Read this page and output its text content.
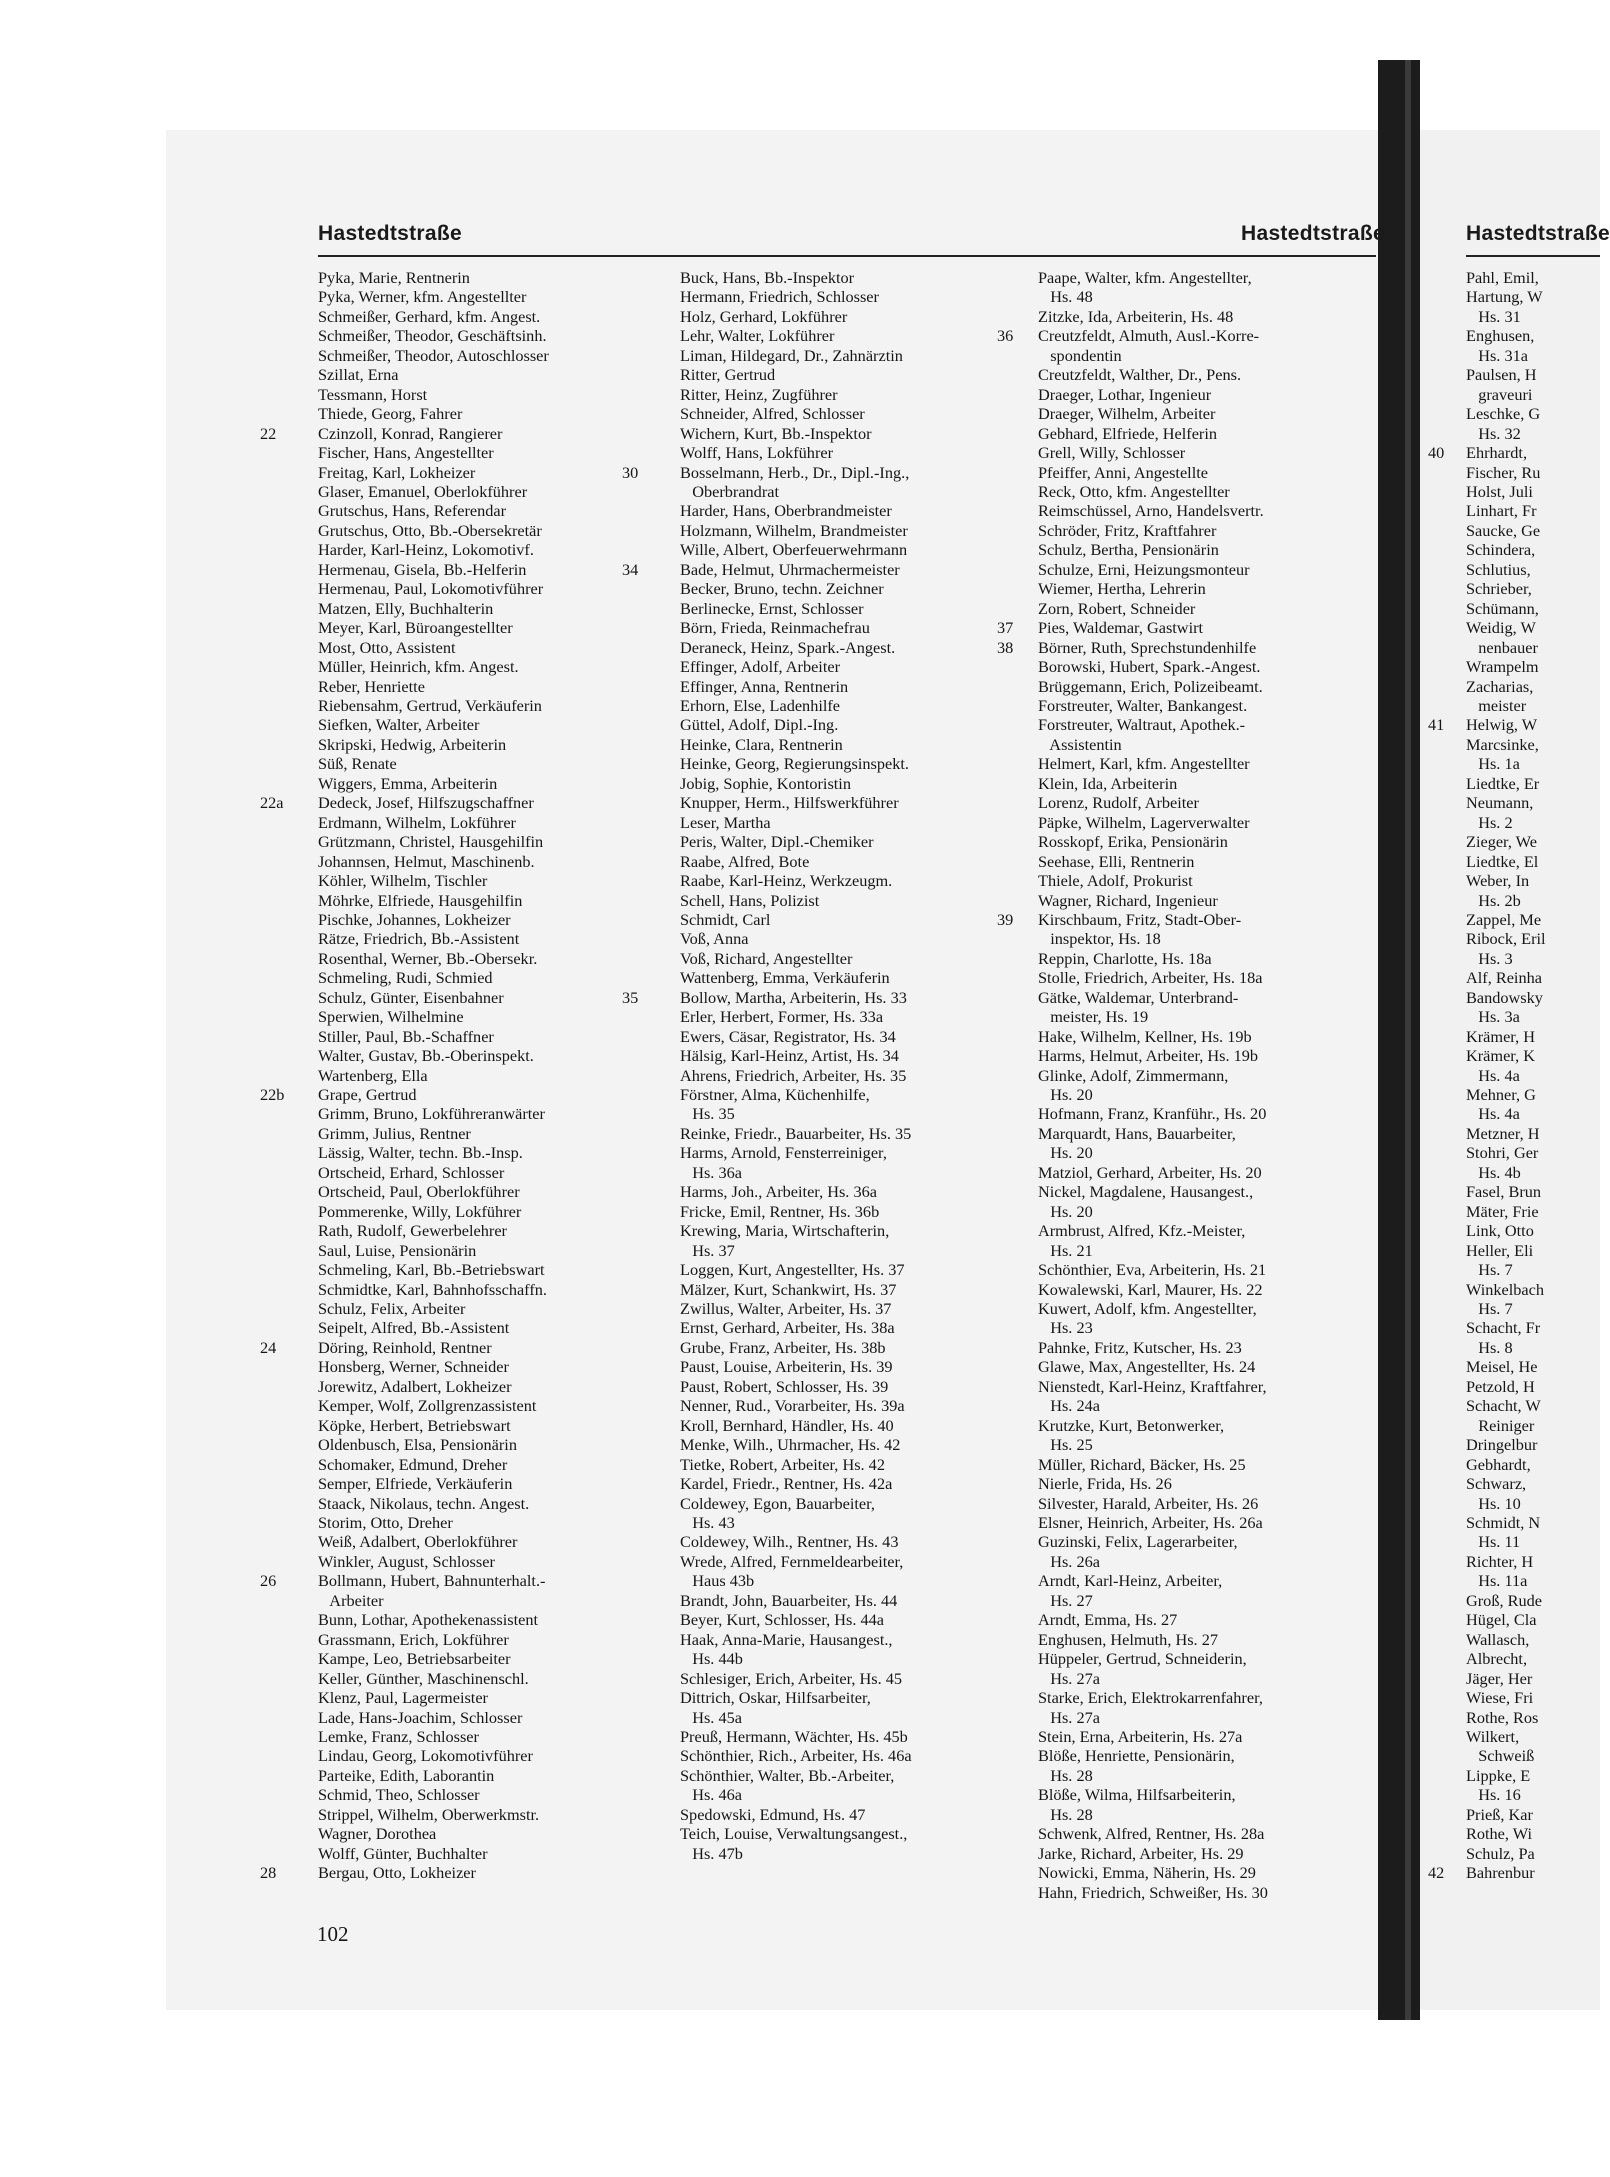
Hastedtstraße	Hastedtstraße	Hastedtstraße
Pyka, Marie, Rentnerin
Pyka, Werner, kfm. Angestellter
Schmeißer, Gerhard, kfm. Angest.
Schmeißer, Theodor, Geschäftsinh.
Schmeißer, Theodor, Autoschlosser
Szillat, Erna
Tessmann, Horst
Thiede, Georg, Fahrer
22	Czinzoll, Konrad, Rangierer
Fischer, Hans, Angestellter
Freitag, Karl, Lokheizer
Glaser, Emanuel, Oberlokführer
Grutschus, Hans, Referendar
Grutschus, Otto, Bb.-Obersekretär
Harder, Karl-Heinz, Lokomotivf.
Hermenau, Gisela, Bb.-Helferin
Hermenau, Paul, Lokomotivführer
Matzen, Elly, Buchhalterin
Meyer, Karl, Büroangestellter
Most, Otto, Assistent
Müller, Heinrich, kfm. Angest.
Reber, Henriette
Riebensahm, Gertrud, Verkäuferin
Siefken, Walter, Arbeiter
Skripski, Hedwig, Arbeiterin
Süß, Renate
Wiggers, Emma, Arbeiterin
22a Dedeck, Josef, Hilfszugschaffner
Erdmann, Wilhelm, Lokführer
Grützmann, Christel, Hausgehilfin
Johannsen, Helmut, Maschinenb.
Köhler, Wilhelm, Tischler
Möhrke, Elfriede, Hausgehilfin
Pischke, Johannes, Lokheizer
Rätze, Friedrich, Bb.-Assistent
Rosenthal, Werner, Bb.-Obersekr.
Schmeling, Rudi, Schmied
Schulz, Günter, Eisenbahner
Sperwien, Wilhelmine
Stiller, Paul, Bb.-Schaffner
Walter, Gustav, Bb.-Oberinspekt.
Wartenberg, Ella
22b Grape, Gertrud
Grimm, Bruno, Lokführeranwärter
Grimm, Julius, Rentner
Lässig, Walter, techn. Bb.-Insp.
Ortscheid, Erhard, Schlosser
Ortscheid, Paul, Oberlokführer
Pommerenke, Willy, Lokführer
Rath, Rudolf, Gewerbelehrer
Saul, Luise, Pensionärin
Schmeling, Karl, Bb.-Betriebswart
Schmidtke, Karl, Bahnhofsschaffn.
Schulz, Felix, Arbeiter
Seipelt, Alfred, Bb.-Assistent
24	Döring, Reinhold, Rentner
Honsberg, Werner, Schneider
Jorewitz, Adalbert, Lokheizer
Kemper, Wolf, Zollgrenzassistent
Köpke, Herbert, Betriebswart
Oldenbusch, Elsa, Pensionärin
Schomaker, Edmund, Dreher
Semper, Elfriede, Verkäuferin
Staack, Nikolaus, techn. Angest.
Storim, Otto, Dreher
Weiß, Adalbert, Oberlokführer
Winkler, August, Schlosser
26	Bollmann, Hubert, Bahnunterhalt.-
Arbeiter
Bunn, Lothar, Apothekenassistent
Grassmann, Erich, Lokführer
Kampe, Leo, Betriebsarbeiter
Keller, Günther, Maschinenschl.
Klenz, Paul, Lagermeister
Lade, Hans-Joachim, Schlosser
Lemke, Franz, Schlosser
Lindau, Georg, Lokomotivführer
Parteike, Edith, Laborantin
Schmid, Theo, Schlosser
Strippel, Wilhelm, Oberwerkmstr.
Wagner, Dorothea
Wolff, Günter, Buchhalter
28	Bergau, Otto, Lokheizer
Buck, Hans, Bb.-Inspektor
Hermann, Friedrich, Schlosser
Holz, Gerhard, Lokführer
Lehr, Walter, Lokführer
Liman, Hildegard, Dr., Zahnärztin
Ritter, Gertrud
Ritter, Heinz, Zugführer
Schneider, Alfred, Schlosser
Wichern, Kurt, Bb.-Inspektor
Wolff, Hans, Lokführer
30	Bosselmann, Herb., Dr., Dipl.-Ing.,
Oberbrandrat
Harder, Hans, Oberbrandmeister
Holzmann, Wilhelm, Brandmeister
Wille, Albert, Oberfeuerwehrmann
34	Bade, Helmut, Uhrmachermeister
Becker, Bruno, techn. Zeichner
Berlinecke, Ernst, Schlosser
Börn, Frieda, Reinmachefrau
Deraneck, Heinz, Spark.-Angest.
Effinger, Adolf, Arbeiter
Effinger, Anna, Rentnerin
Erhorn, Else, Ladenhilfe
Güttel, Adolf, Dipl.-Ing.
Heinke, Clara, Rentnerin
Heinke, Georg, Regierungsinspekt.
Jobig, Sophie, Kontoristin
Knupper, Herm., Hilfswerkführer
Leser, Martha
Peris, Walter, Dipl.-Chemiker
Raabe, Alfred, Bote
Raabe, Karl-Heinz, Werkzeugm.
Schell, Hans, Polizist
Schmidt, Carl
Voß, Anna
Voß, Richard, Angestellter
Wattenberg, Emma, Verkäuferin
35	Bollow, Martha, Arbeiterin, Hs. 33
Erler, Herbert, Former, Hs. 33a
Ewers, Cäsar, Registrator, Hs. 34
Hälsig, Karl-Heinz, Artist, Hs. 34
Ahrens, Friedrich, Arbeiter, Hs. 35
Förstner, Alma, Küchenhilfe,
Hs. 35
Reinke, Friedr., Bauarbeiter, Hs. 35
Harms, Arnold, Fensterreiniger,
Hs. 36a
Harms, Joh., Arbeiter, Hs. 36a
Fricke, Emil, Rentner, Hs. 36b
Krewing, Maria, Wirtschafterin,
Hs. 37
Loggen, Kurt, Angestellter, Hs. 37
Mälzer, Kurt, Schankwirt, Hs. 37
Zwillus, Walter, Arbeiter, Hs. 37
Ernst, Gerhard, Arbeiter, Hs. 38a
Grube, Franz, Arbeiter, Hs. 38b
Paust, Louise, Arbeiterin, Hs. 39
Paust, Robert, Schlosser, Hs. 39
Nenner, Rud., Vorarbeiter, Hs. 39a
Kroll, Bernhard, Händler, Hs. 40
Menke, Wilh., Uhrmacher, Hs. 42
Tietke, Robert, Arbeiter, Hs. 42
Kardel, Friedr., Rentner, Hs. 42a
Coldewey, Egon, Bauarbeiter,
Hs. 43
Coldewey, Wilh., Rentner, Hs. 43
Wrede, Alfred, Fernmeldearbeiter,
Haus 43b
Brandt, John, Bauarbeiter, Hs. 44
Beyer, Kurt, Schlosser, Hs. 44a
Haak, Anna-Marie, Hausangest.,
Hs. 44b
Schlesiger, Erich, Arbeiter, Hs. 45
Dittrich, Oskar, Hilfsarbeiter,
Hs. 45a
Preuß, Hermann, Wächter, Hs. 45b
Schönthier, Rich., Arbeiter, Hs. 46a
Schönthier, Walter, Bb.-Arbeiter,
Hs. 46a
Spedowski, Edmund, Hs. 47
Teich, Louise, Verwaltungsangest.,
Hs. 47b
Paape, Walter, kfm. Angestellter,
Hs. 48
Zitzke, Ida, Arbeiterin, Hs. 48
36 Creutzfeldt, Almuth, Ausl.-Korre-
spondentin
Creutzfeldt, Walther, Dr., Pens.
Draeger, Lothar, Ingenieur
Draeger, Wilhelm, Arbeiter
Gebhard, Elfriede, Helferin
Grell, Willy, Schlosser
Pfeiffer, Anni, Angestellte
Reck, Otto, kfm. Angestellter
Reimschüssel, Arno, Handelsvertr.
Schröder, Fritz, Kraftfahrer
Schulz, Bertha, Pensionärin
Schulze, Erni, Heizungsmonteur
Wiemer, Hertha, Lehrerin
Zorn, Robert, Schneider
37 Pies, Waldemar, Gastwirt
38 Börner, Ruth, Sprechstundenhilfe
Borowski, Hubert, Spark.-Angest.
Brüggemann, Erich, Polizeibeamt.
Forstreuter, Walter, Bankangest.
Forstreuter, Waltraut, Apothek.-
Assistentin
Helmert, Karl, kfm. Angestellter
Klein, Ida, Arbeiterin
Lorenz, Rudolf, Arbeiter
Päpke, Wilhelm, Lagerverwalter
Rosskopf, Erika, Pensionärin
Seehase, Elli, Rentnerin
Thiele, Adolf, Prokurist
Wagner, Richard, Ingenieur
39 Kirschbaum, Fritz, Stadt-Ober-
inspektor, Hs. 18
Reppin, Charlotte, Hs. 18a
Stolle, Friedrich, Arbeiter, Hs. 18a
Gätke, Waldemar, Unterbrand-
meister, Hs. 19
Hake, Wilhelm, Kellner, Hs. 19b
Harms, Helmut, Arbeiter, Hs. 19b
Glinke, Adolf, Zimmermann,
Hs. 20
Hofmann, Franz, Kranführ., Hs. 20
Marquardt, Hans, Bauarbeiter,
Hs. 20
Matziol, Gerhard, Arbeiter, Hs. 20
Nickel, Magdalene, Hausangest.,
Hs. 20
Armbrust, Alfred, Kfz.-Meister,
Hs. 21
Schönthier, Eva, Arbeiterin, Hs. 21
Kowalewski, Karl, Maurer, Hs. 22
Kuwert, Adolf, kfm. Angestellter,
Hs. 23
Pahnke, Fritz, Kutscher, Hs. 23
Glawe, Max, Angestellter, Hs. 24
Nienstedt, Karl-Heinz, Kraftfahrer,
Hs. 24a
Krutzke, Kurt, Betonwerker,
Hs. 25
Müller, Richard, Bäcker, Hs. 25
Nierle, Frida, Hs. 26
Silvester, Harald, Arbeiter, Hs. 26
Elsner, Heinrich, Arbeiter, Hs. 26a
Guzinski, Felix, Lagerarbeiter,
Hs. 26a
Arndt, Karl-Heinz, Arbeiter,
Hs. 27
Arndt, Emma, Hs. 27
Enghusen, Helmuth, Hs. 27
Hüppeler, Gertrud, Schneiderin,
Hs. 27a
Starke, Erich, Elektrokarrenfahrer,
Hs. 27a
Stein, Erna, Arbeiterin, Hs. 27a
Blöße, Henriette, Pensionärin,
Hs. 28
Blöße, Wilma, Hilfsarbeiterin,
Hs. 28
Schwenk, Alfred, Rentner, Hs. 28a
Jarke, Richard, Arbeiter, Hs. 29
Nowicki, Emma, Näherin, Hs. 29
Hahn, Friedrich, Schweißer, Hs. 30
Pahl, Emil,
Hartung, W
Hs. 31
Enghusen,
Hs. 31a
Paulsen, H
graveuri
Leschke, G
Hs. 32
40 Ehrhardt,
Fischer, Ru
Holst, Juli
Linhart, Fr
Saucke, Ge
Schindera,
Schlutius,
Schrieber,
Schümann,
Weidig, W
nenbauer
Wrampelm
Zacharias,
meister
41 Helwig, W
Marcsinke,
Hs. 1a
Liedtke, Er
Neumann,
Hs. 2
Zieger, We
Liedtke, El
Weber, In
Hs. 2b
Zappel, Me
Ribock, Eril
Hs. 3
Alf, Reinha
Bandowsky
Hs. 3a
Krämer, H
Krämer, K
Hs. 4a
Mehner, G
Hs. 4a
Metzner, H
Stohri, Ger
Hs. 4b
Fasel, Brun
Mäter, Frie
Link, Otto
Heller, Eli
Hs. 7
Winkelbach
Hs. 7
Schacht, Fr
Hs. 8
Meisel, He
Petzold, H
Schacht, W
Reiniger
Dringelbur
Gebhardt,
Schwarz,
Hs. 10
Schmidt, N
Hs. 11
Richter, H
Hs. 11a
Groß, Rude
Hügel, Cla
Wallasch,
Albrecht,
Jäger, Her
Wiese, Fri
Rothe, Ros
Wilkert,
Schweiß
Lippke, E
Hs. 16
Prieß, Kar
Rothe, Wi
Schulz, Pa
42 Bahrenbur
102
